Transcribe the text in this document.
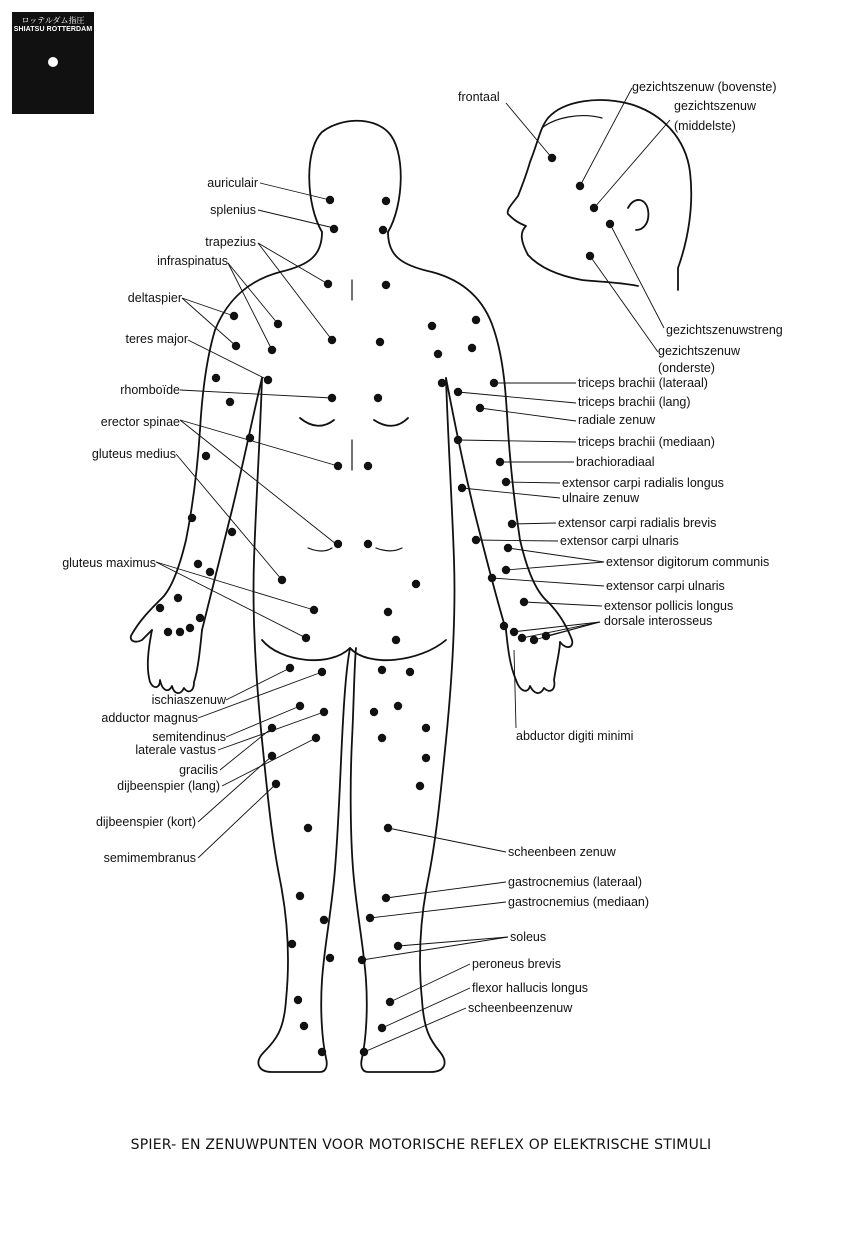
ロッテルダム指圧
SHIATSU ROTTERDAM
auriculair
splenius
trapezius
infraspinatus
deltaspier
teres major
rhomboïde
erector spinae
gluteus medius
gluteus maximus
ischiaszenuw
adductor magnus
semitendinus
laterale vastus
gracilis
dijbeenspier (lang)
dijbeenspier (kort)
semimembranus
frontaal
gezichtszenuw (bovenste)
gezichtszenuw
(middelste)
gezichtszenuwstreng
gezichtszenuw
(onderste)
triceps brachii (lateraal)
triceps brachii (lang)
radiale zenuw
triceps brachii (mediaan)
brachioradiaal
extensor carpi radialis longus
ulnaire zenuw
extensor carpi radialis brevis
extensor carpi ulnaris
extensor digitorum communis
extensor carpi ulnaris
extensor pollicis longus
dorsale interosseus
abductor digiti minimi
scheenbeen zenuw
gastrocnemius (lateraal)
gastrocnemius (mediaan)
soleus
peroneus brevis
flexor hallucis longus
scheenbeenzenuw
SPIER- EN ZENUWPUNTEN VOOR MOTORISCHE REFLEX OP ELEKTRISCHE STIMULI
